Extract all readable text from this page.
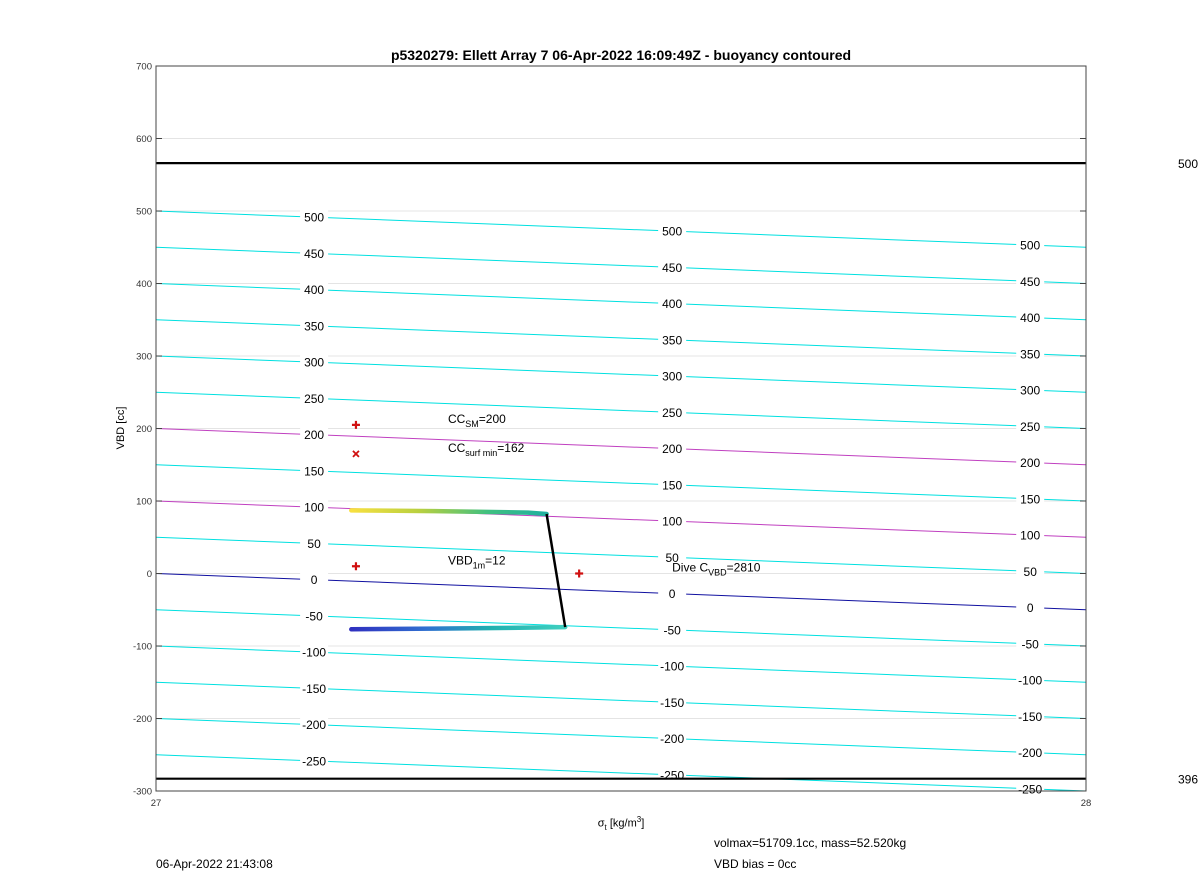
-250
-250
-250
-200
-200
-200
-150
-150
-150
-100
-100
-100
-50
-50
-50
0
0
0
50
50
50
100
100
100
150
150
150
200
200
200
250
250
250
300
300
300
350
350
350
400
400
400
450
450
450
500
500
500
500
396
$CC_{SM}=200$
$CC_{surf min}=162$
$VBD_{1m}=12$
Dive $C_{VBD}=2810$
-300
-200
-100
0
100
200
300
400
500
600
700
27	28
p5320279: Ellett Array 7 06-Apr-2022 16:09:49Z - buoyancy contoured
VBD [cc]
$\sigma_t$ $[kg/m^3]$
06-Apr-2022 21:43:08
volmax=51709.1cc, mass=52.520kg
VBD bias = 0cc
